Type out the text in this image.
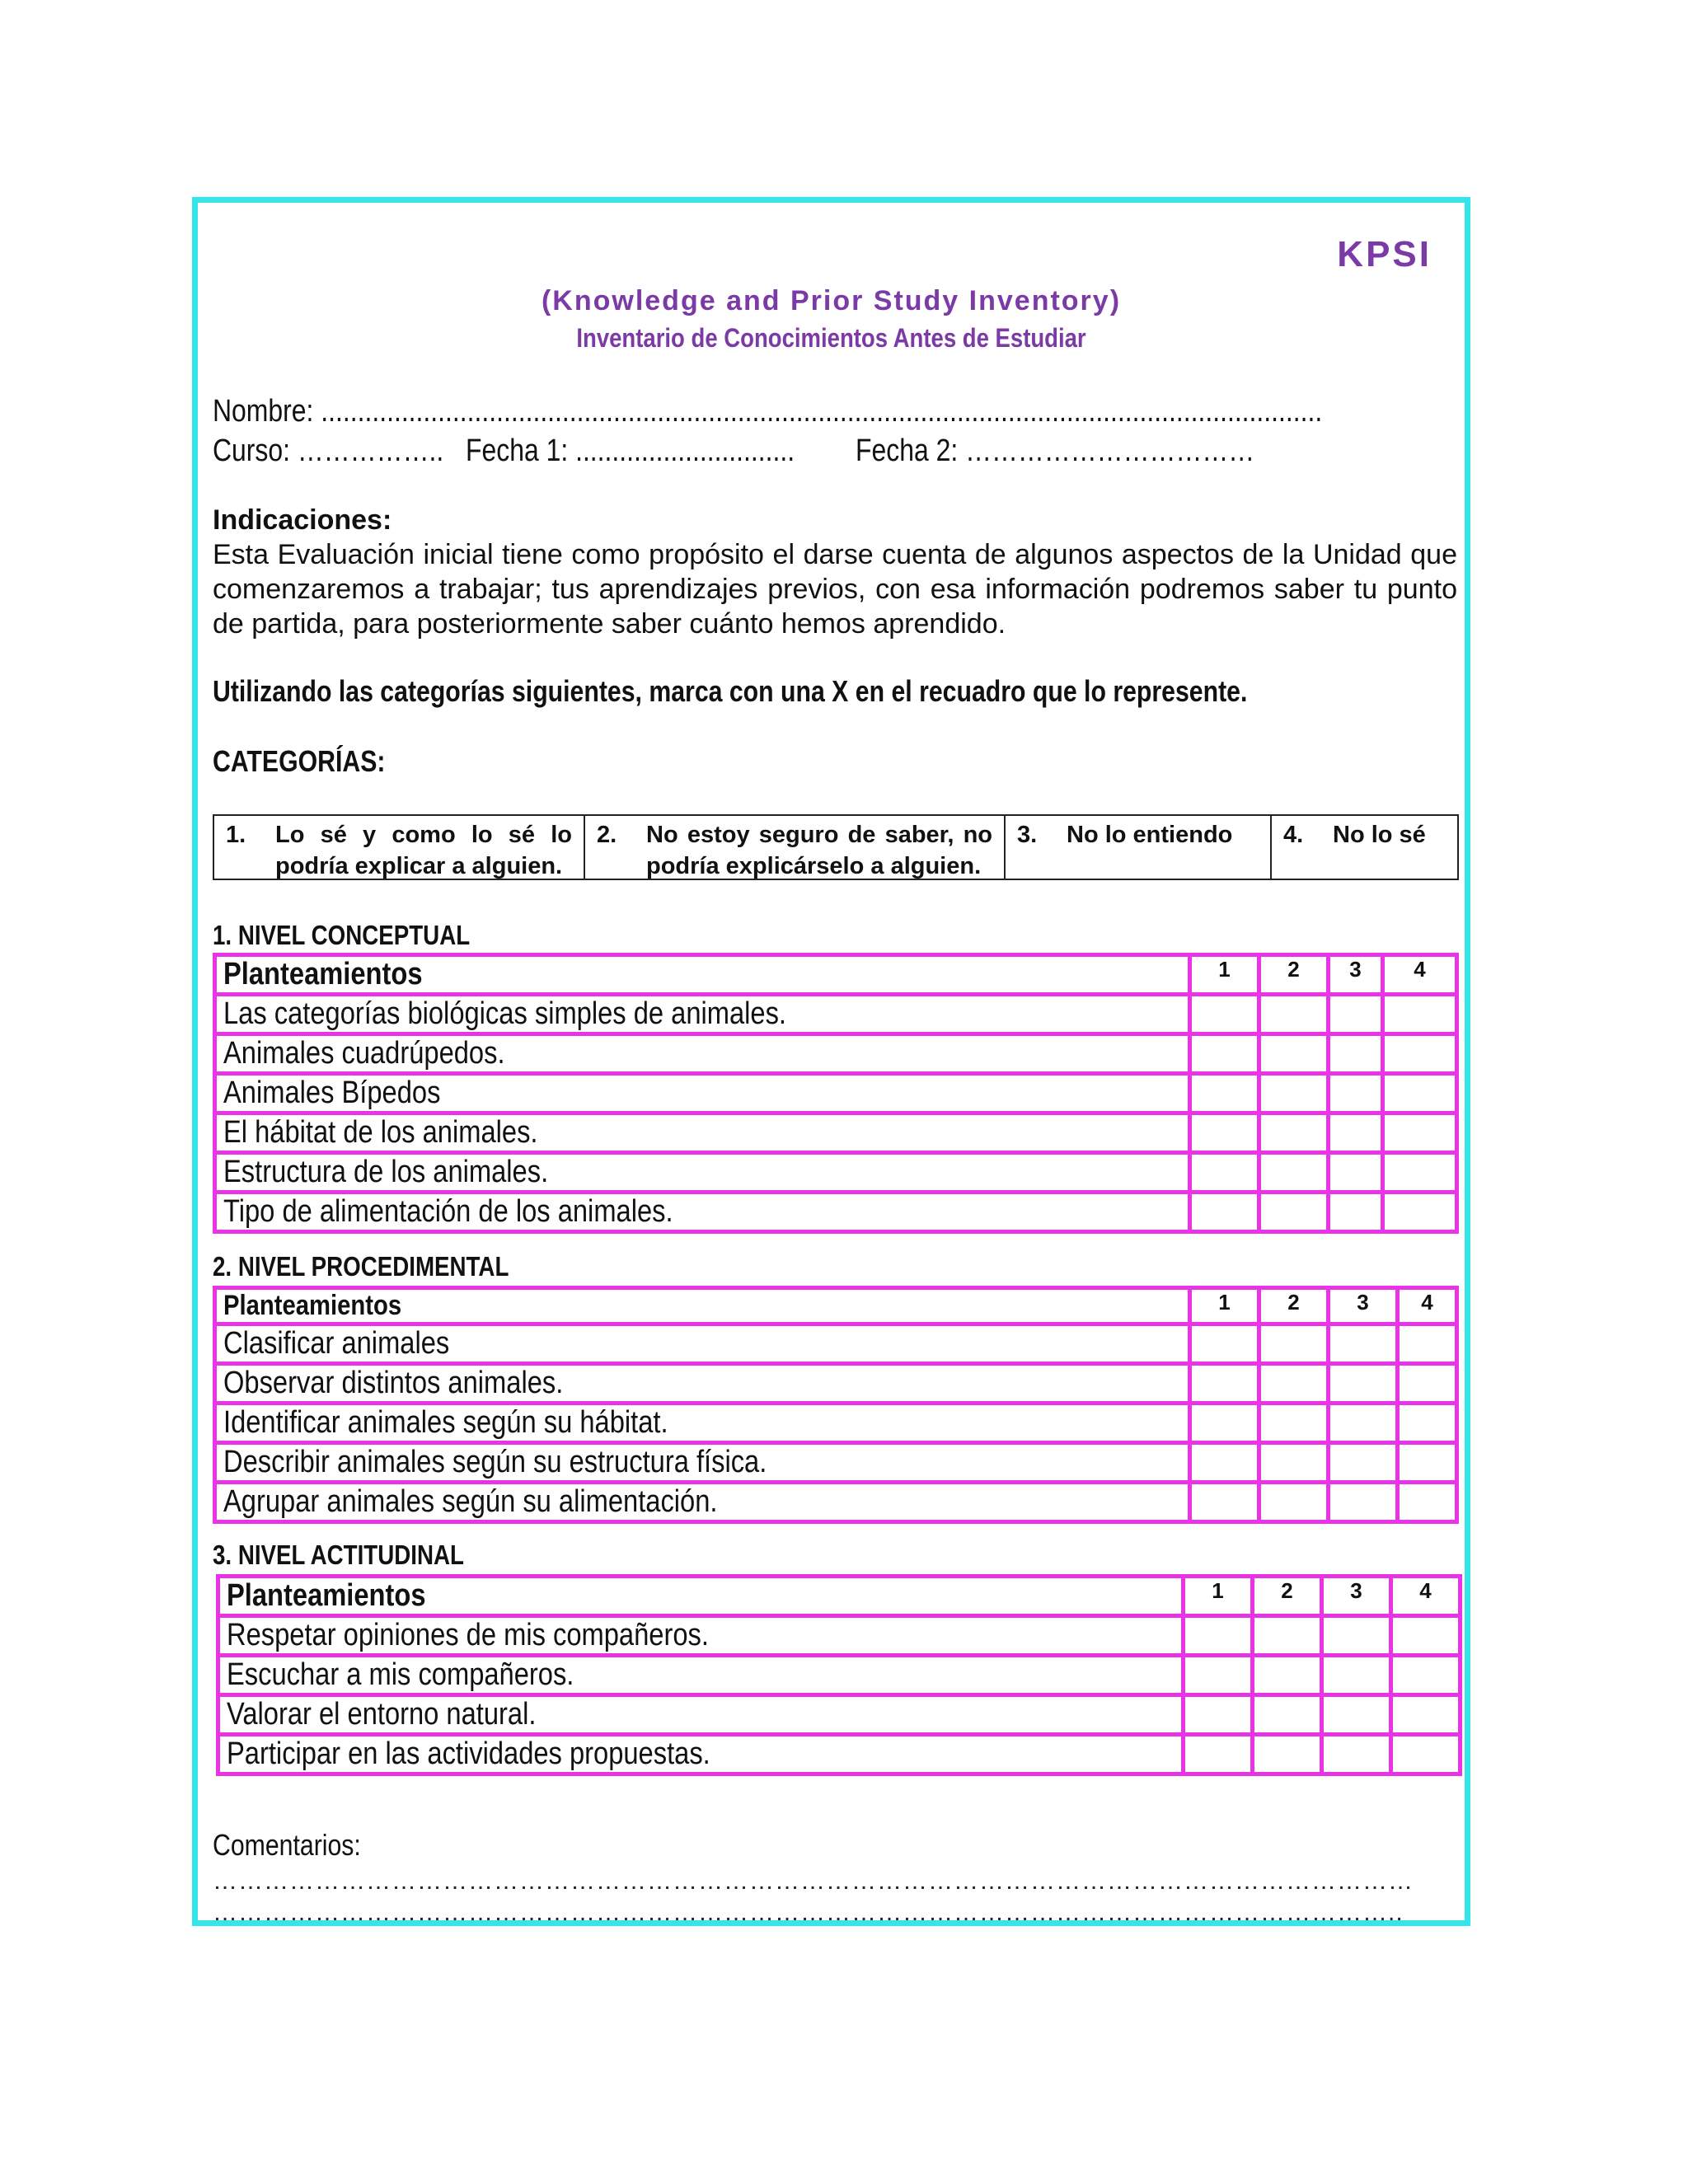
KPSI
(Knowledge and Prior Study Inventory)
Inventario de Conocimientos Antes de Estudiar
Nombre: .........................................................................................................................................
Curso: …………….. Fecha 1: .............................. Fecha 2: ……………………………

Indicaciones:

Esta Evaluación inicial tiene como propósito el darse cuenta de algunos aspectos de la Unidad que comenzaremos a trabajar; tus aprendizajes previos, con esa información podremos saber tu punto de partida, para posteriormente saber cuánto hemos aprendido.

Utilizando las categorías siguientes, marca con una X en el recuadro que lo represente.
CATEGORÍAS:
1.	Lo sé y como lo sé lo podría explicar a alguien.
2.	No estoy seguro de saber, no podría explicárselo a alguien.
3.	No lo entiendo	4.	No lo sé
1. NIVEL CONCEPTUAL
Planteamientos	1	2	3	4
Las categorías biológicas simples de animales.				
Animales cuadrúpedos.				
Animales Bípedos				
El hábitat de los animales.				
Estructura de los animales.				
Tipo de alimentación de los animales.				
2. NIVEL PROCEDIMENTAL
Planteamientos	1	2	3	4
Clasificar animales				
Observar distintos animales.				
Identificar animales según su hábitat.				
Describir animales según su estructura física.				
Agrupar animales según su alimentación.				
3. NIVEL ACTITUDINAL
Planteamientos	1	2	3	4
Respetar opiniones de mis compañeros.				
Escuchar a mis compañeros.				
Valorar el entorno natural.				
Participar en las actividades propuestas.				
Comentarios:
……………………………………………………………………………………………………………………………
…………………………………………………………………………………………………………………………..
